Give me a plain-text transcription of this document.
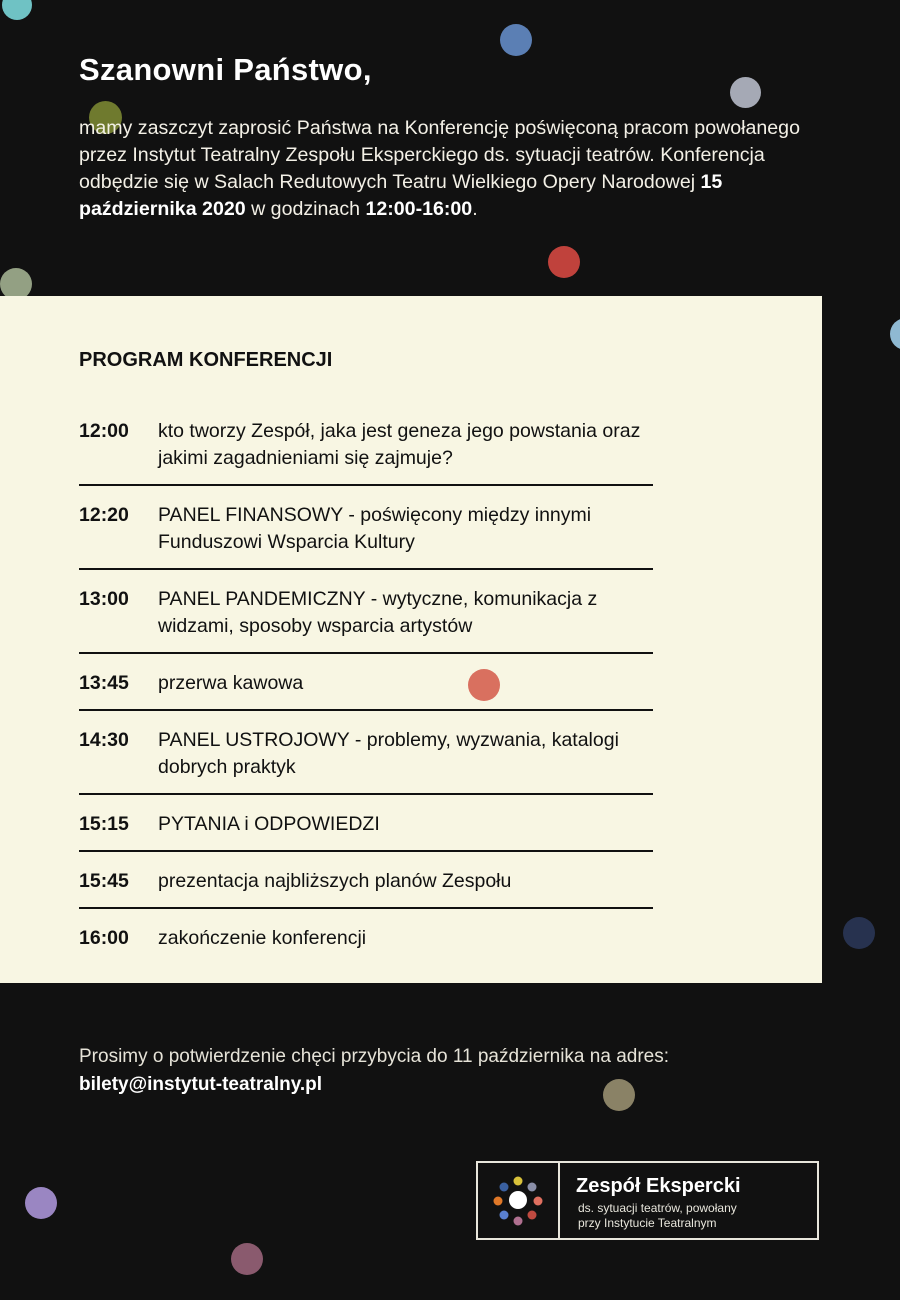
Szanowni Państwo,

mamy zaszczyt zaprosić Państwa na Konferencję poświęconą pracom powołanego przez Instytut Teatralny Zespołu Eksperckiego ds. sytuacji teatrów. Konferencja odbędzie się w Salach Redutowych Teatru Wielkiego Opery Narodowej 15 października 2020 w godzinach 12:00-16:00.

PROGRAM KONFERENCJI
12:00	kto tworzy Zespół, jaka jest geneza jego powstania oraz jakimi zagadnieniami się zajmuje?
12:20	PANEL FINANSOWY - poświęcony między innymi Funduszowi Wsparcia Kultury
13:00	PANEL PANDEMICZNY - wytyczne, komunikacja z widzami, sposoby wsparcia artystów
13:45	przerwa kawowa
14:30	PANEL USTROJOWY - problemy, wyzwania, katalogi dobrych praktyk
15:15	PYTANIA i ODPOWIEDZI
15:45	prezentacja najbliższych planów Zespołu
16:00	zakończenie konferencji

Prosimy o potwierdzenie chęci przybycia do 11 października na adres:
bilety@instytut-teatralny.pl

Zespół Ekspercki

ds. sytuacji teatrów, powołany
przy Instytucie Teatralnym
